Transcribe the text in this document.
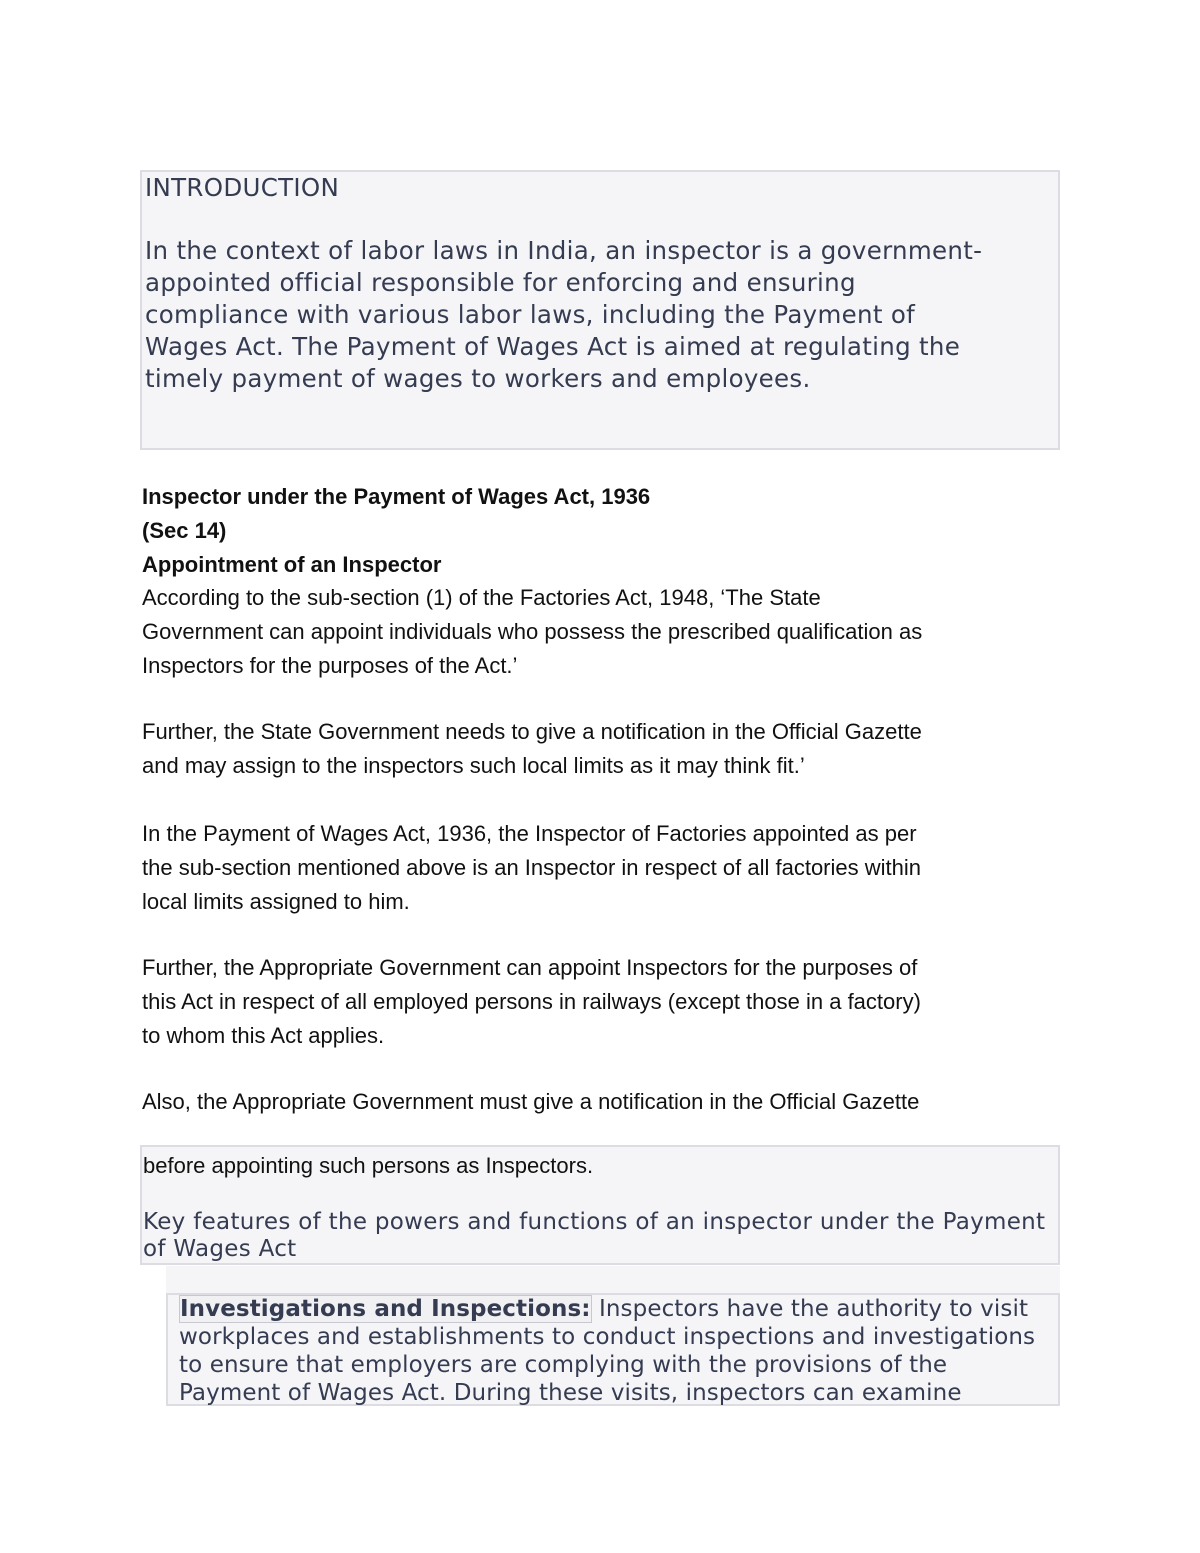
INTRODUCTION

In the context of labor laws in India, an inspector is a government-
appointed official responsible for enforcing and ensuring
compliance with various labor laws, including the Payment of
Wages Act. The Payment of Wages Act is aimed at regulating the
timely payment of wages to workers and employees.

Inspector under the Payment of Wages Act, 1936
(Sec 14)
Appointment of an Inspector

According to the sub-section (1) of the Factories Act, 1948, ‘The State
Government can appoint individuals who possess the prescribed qualification as
Inspectors for the purposes of the Act.’

Further, the State Government needs to give a notification in the Official Gazette
and may assign to the inspectors such local limits as it may think fit.’

In the Payment of Wages Act, 1936, the Inspector of Factories appointed as per
the sub-section mentioned above is an Inspector in respect of all factories within
local limits assigned to him.

Further, the Appropriate Government can appoint Inspectors for the purposes of
this Act in respect of all employed persons in railways (except those in a factory)
to whom this Act applies.

Also, the Appropriate Government must give a notification in the Official Gazette
before appointing such persons as Inspectors.

Key features of the powers and functions of an inspector under the Payment
of Wages Act

Investigations and Inspections: Inspectors have the authority to visit
workplaces and establishments to conduct inspections and investigations
to ensure that employers are complying with the provisions of the
Payment of Wages Act. During these visits, inspectors can examine
